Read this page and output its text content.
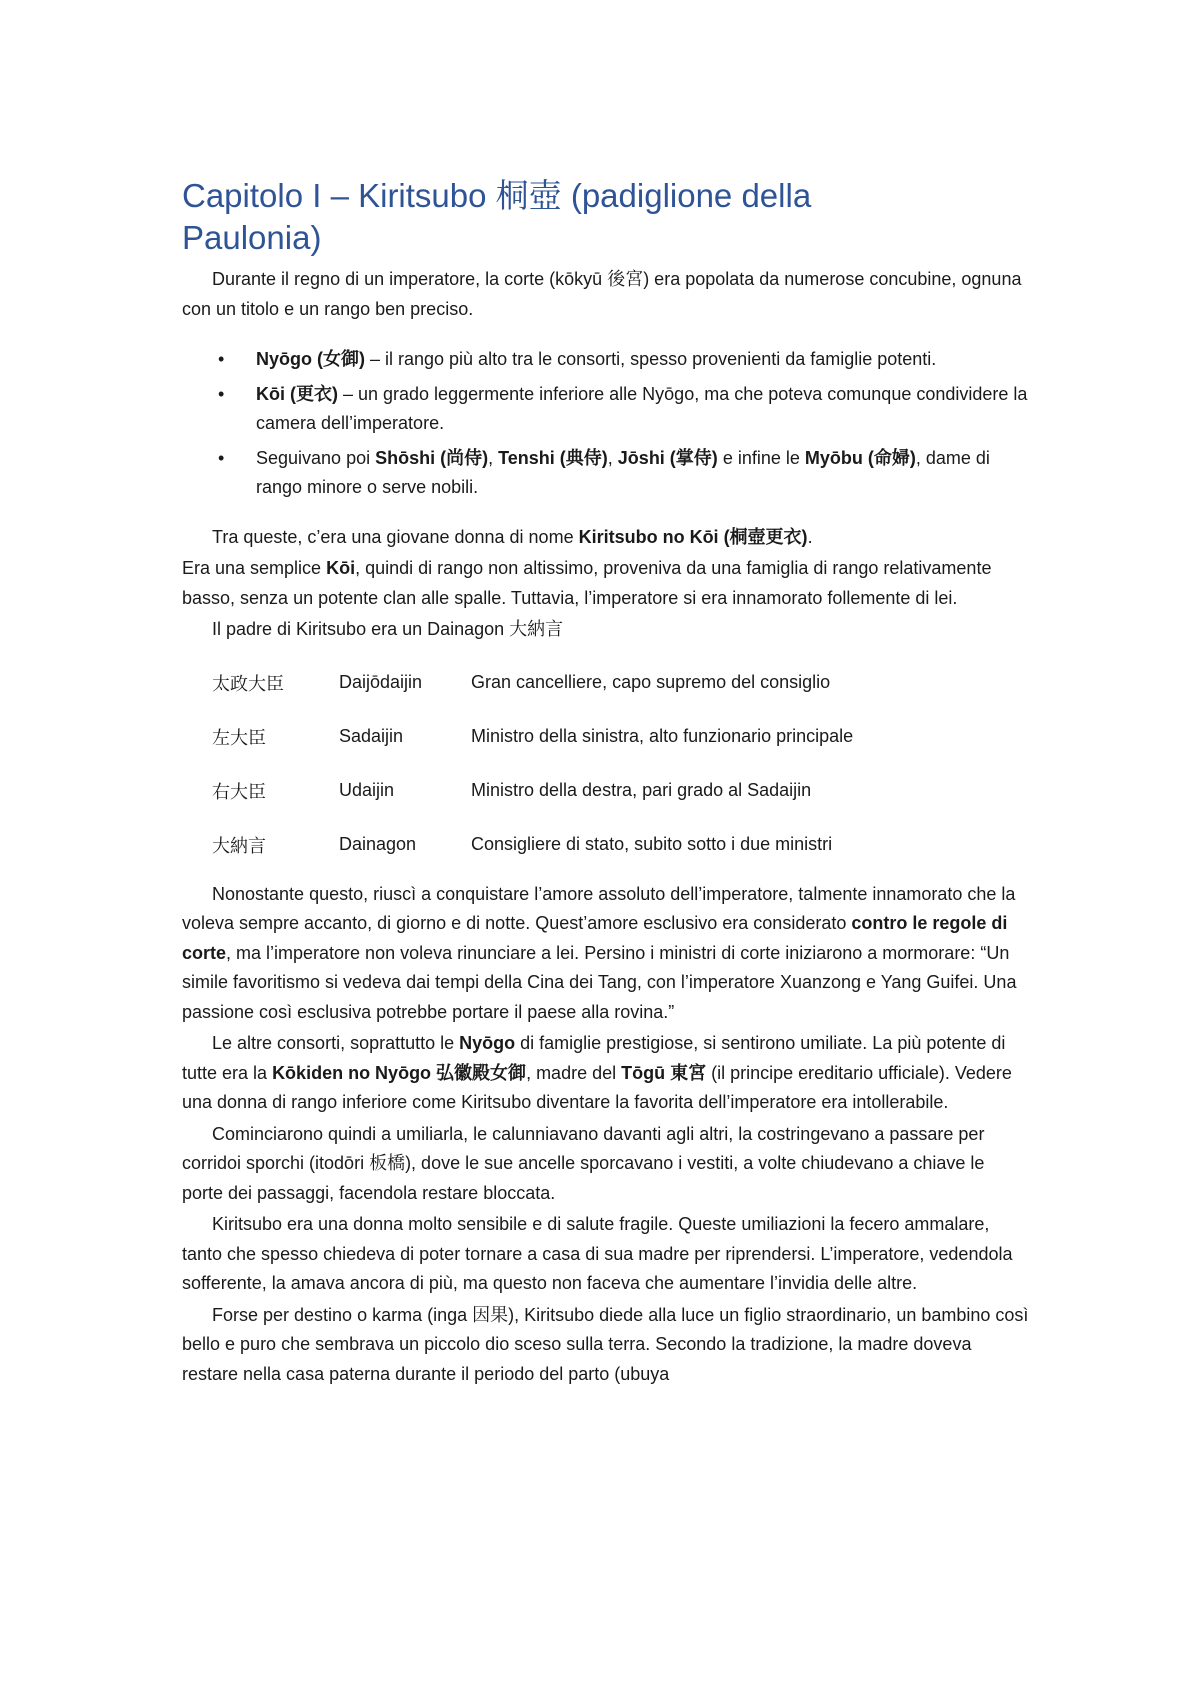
Capitolo I – Kiritsubo 桐壺 (padiglione della Paulonia)

Durante il regno di un imperatore, la corte (kōkyū 後宮) era popolata da numerose concubine, ognuna con un titolo e un rango ben preciso.

• Nyōgo (女御) – il rango più alto tra le consorti, spesso provenienti da famiglie potenti.
• Kōi (更衣) – un grado leggermente inferiore alle Nyōgo, ma che poteva comunque condividere la camera dell’imperatore.
• Seguivano poi Shōshi (尚侍), Tenshi (典侍), Jōshi (掌侍) e infine le Myōbu (命婦), dame di rango minore o serve nobili.

Tra queste, c’era una giovane donna di nome Kiritsubo no Kōi (桐壺更衣).

Era una semplice Kōi, quindi di rango non altissimo, proveniva da una famiglia di rango relativamente basso, senza un potente clan alle spalle. Tuttavia, l’imperatore si era innamorato follemente di lei.

Il padre di Kiritsubo era un Dainagon 大納言

太政大臣	Daijōdaijin	Gran cancelliere, capo supremo del consiglio
左大臣	Sadaijin	Ministro della sinistra, alto funzionario principale
右大臣	Udaijin	Ministro della destra, pari grado al Sadaijin
大納言	Dainagon	Consigliere di stato, subito sotto i due ministri

Nonostante questo, riuscì a conquistare l’amore assoluto dell’imperatore, talmente innamorato che la voleva sempre accanto, di giorno e di notte. Quest’amore esclusivo era considerato contro le regole di corte, ma l’imperatore non voleva rinunciare a lei. Persino i ministri di corte iniziarono a mormorare: “Un simile favoritismo si vedeva dai tempi della Cina dei Tang, con l’imperatore Xuanzong e Yang Guifei. Una passione così esclusiva potrebbe portare il paese alla rovina.”

Le altre consorti, soprattutto le Nyōgo di famiglie prestigiose, si sentirono umiliate. La più potente di tutte era la Kōkiden no Nyōgo 弘徽殿女御, madre del Tōgū 東宮 (il principe ereditario ufficiale). Vedere una donna di rango inferiore come Kiritsubo diventare la favorita dell’imperatore era intollerabile.

Cominciarono quindi a umiliarla, le calunniavano davanti agli altri, la costringevano a passare per corridoi sporchi (itodōri 板橋), dove le sue ancelle sporcavano i vestiti, a volte chiudevano a chiave le porte dei passaggi, facendola restare bloccata.

Kiritsubo era una donna molto sensibile e di salute fragile. Queste umiliazioni la fecero ammalare, tanto che spesso chiedeva di poter tornare a casa di sua madre per riprendersi. L’imperatore, vedendola sofferente, la amava ancora di più, ma questo non faceva che aumentare l’invidia delle altre.

Forse per destino o karma (inga 因果), Kiritsubo diede alla luce un figlio straordinario, un bambino così bello e puro che sembrava un piccolo dio sceso sulla terra. Secondo la tradizione, la madre doveva restare nella casa paterna durante il periodo del parto (ubuya
